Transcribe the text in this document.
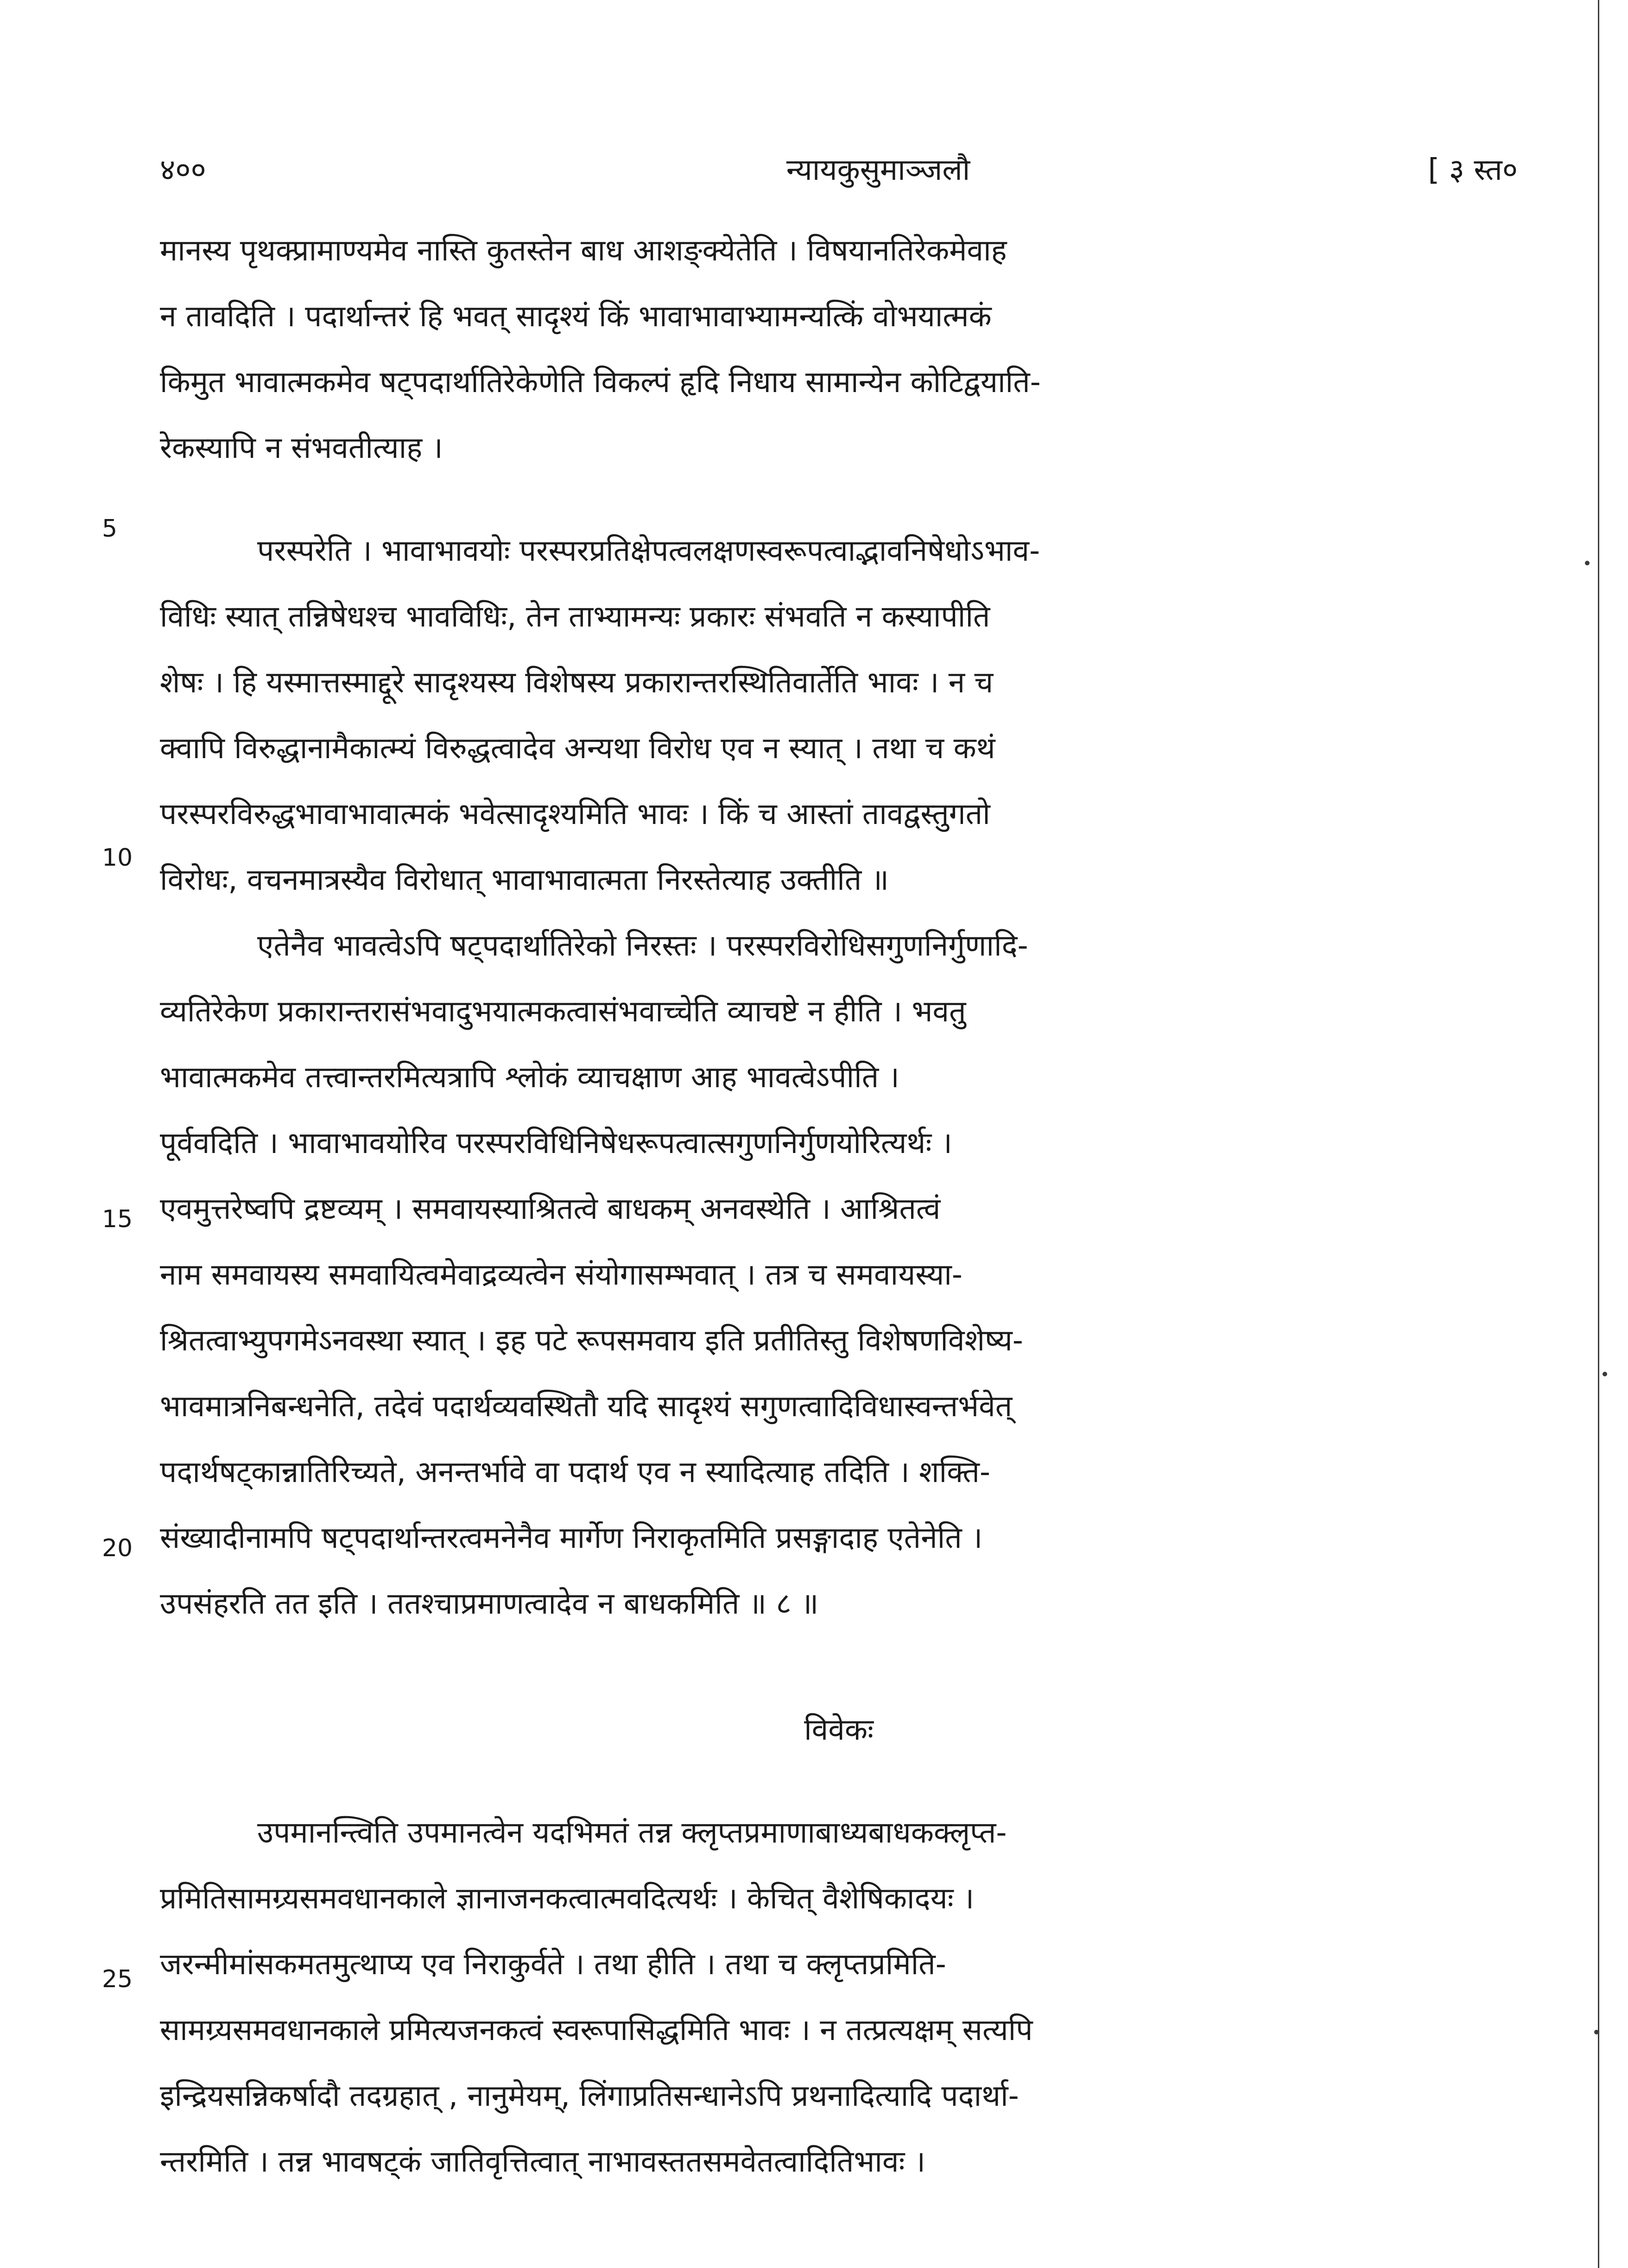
४००	न्यायकुसुमाञ्जलौ	[ ३ स्त०
मानस्य पृथक्प्रामाण्यमेव नास्ति कुतस्तेन बाध आशङ्क्येतेति । विषयानतिरेकमेवाह
न तावदिति । पदार्थान्तरं हि भवत् सादृश्यं किं भावाभावाभ्यामन्यत्किं वोभयात्मकं
किमुत भावात्मकमेव षट्पदार्थातिरेकेणेति विकल्पं हृदि निधाय सामान्येन कोटिद्वयाति-
रेकस्यापि न संभवतीत्याह ।
परस्परेति । भावाभावयोः परस्परप्रतिक्षेपत्वलक्षणस्वरूपत्वाद्भावनिषेधोऽभाव-
विधिः स्यात् तन्निषेधश्च भावविधिः, तेन ताभ्यामन्यः प्रकारः संभवति न कस्यापीति
शेषः । हि यस्मात्तस्माद्दूरे सादृश्यस्य विशेषस्य प्रकारान्तरस्थितिवार्तेति भावः । न च
क्वापि विरुद्धानामैकात्म्यं विरुद्धत्वादेव अन्यथा विरोध एव न स्यात् । तथा च कथं
परस्परविरुद्धभावाभावात्मकं भवेत्सादृश्यमिति भावः । किं च आस्तां तावद्वस्तुगतो
विरोधः, वचनमात्रस्यैव विरोधात् भावाभावात्मता निरस्तेत्याह उक्तीति ॥
एतेनैव भावत्वेऽपि षट्पदार्थातिरेको निरस्तः । परस्परविरोधिसगुणनिर्गुणादि-
व्यतिरेकेण प्रकारान्तरासंभवादुभयात्मकत्वासंभवाच्चेति व्याचष्टे न हीति । भवतु
भावात्मकमेव तत्त्वान्तरमित्यत्रापि श्लोकं व्याचक्षाण आह भावत्वेऽपीति ।
पूर्ववदिति । भावाभावयोरिव परस्परविधिनिषेधरूपत्वात्सगुणनिर्गुणयोरित्यर्थः ।
एवमुत्तरेष्वपि द्रष्टव्यम् । समवायस्याश्रितत्वे बाधकम् अनवस्थेति । आश्रितत्वं
नाम समवायस्य समवायित्वमेवाद्रव्यत्वेन संयोगासम्भवात् । तत्र च समवायस्या-
श्रितत्वाभ्युपगमेऽनवस्था स्यात् । इह पटे रूपसमवाय इति प्रतीतिस्तु विशेषणविशेष्य-
भावमात्रनिबन्धनेति, तदेवं पदार्थव्यवस्थितौ यदि सादृश्यं सगुणत्वादिविधास्वन्तर्भवेत्
पदार्थषट्कान्नातिरिच्यते, अनन्तर्भावे वा पदार्थ एव न स्यादित्याह तदिति । शक्ति-
संख्यादीनामपि षट्पदार्थान्तरत्वमनेनैव मार्गेण निराकृतमिति प्रसङ्गादाह एतेनेति ।
उपसंहरति तत इति । ततश्चाप्रमाणत्वादेव न बाधकमिति ॥ ८ ॥
विवेकः
उपमानन्त्विति उपमानत्वेन यदभिमतं तन्न क्लृप्तप्रमाणाबाध्यबाधकक्लृप्त-
प्रमितिसामग्र्यसमवधानकाले ज्ञानाजनकत्वात्मवदित्यर्थः । केचित् वैशेषिकादयः ।
जरन्मीमांसकमतमुत्थाप्य एव निराकुर्वते । तथा हीति । तथा च क्लृप्तप्रमिति-
सामग्र्यसमवधानकाले प्रमित्यजनकत्वं स्वरूपासिद्धमिति भावः । न तत्प्रत्यक्षम् सत्यपि
इन्द्रियसन्निकर्षादौ तदग्रहात् , नानुमेयम्, लिंगाप्रतिसन्धानेऽपि प्रथनादित्यादि पदार्था-
न्तरमिति । तन्न भावषट्कं जातिवृत्तित्वात् नाभावस्ततसमवेतत्वादितिभावः ।
5
10
15
20
25
